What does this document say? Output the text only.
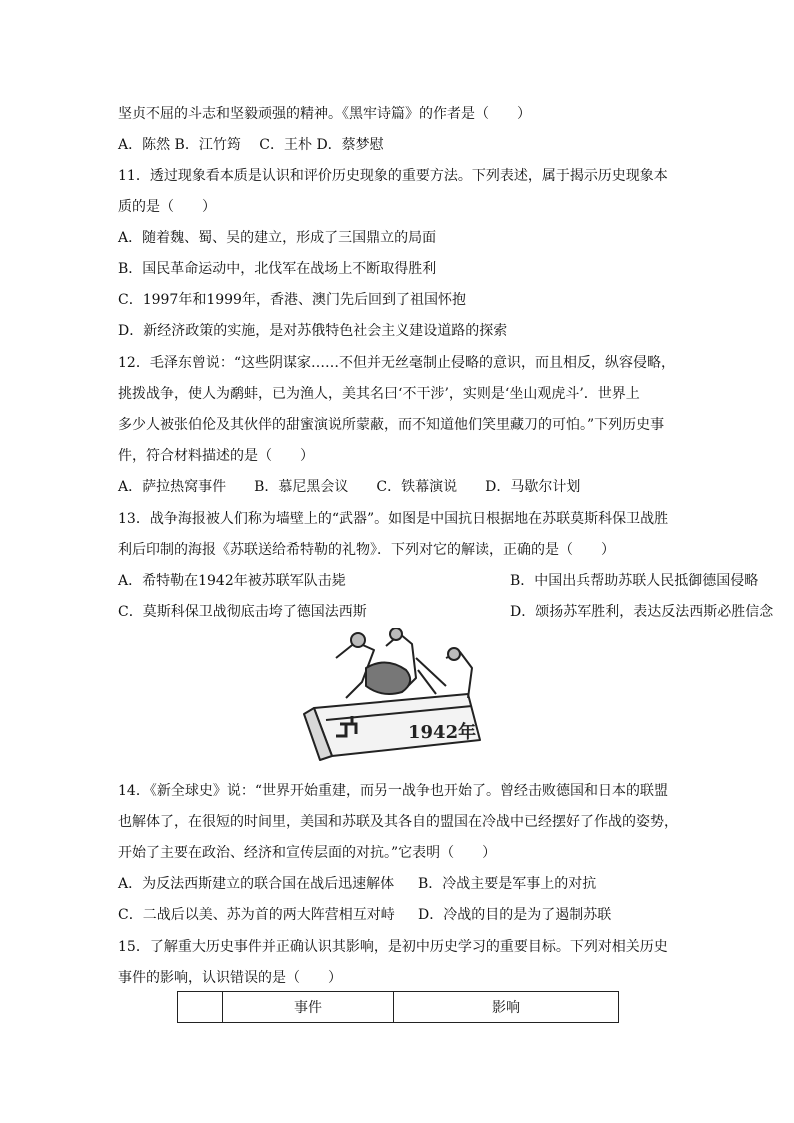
坚贞不屈的斗志和坚毅顽强的精神。《黑牢诗篇》的作者是（　　）
A．陈然 B．江竹筠　 C．王朴 D．蔡梦慰
11．透过现象看本质是认识和评价历史现象的重要方法。下列表述，属于揭示历史现象本
质的是（　　）
A．随着魏、蜀、吴的建立，形成了三国鼎立的局面
B．国民革命运动中，北伐军在战场上不断取得胜利
C．1997年和1999年，香港、澳门先后回到了祖国怀抱
D．新经济政策的实施，是对苏俄特色社会主义建设道路的探索
12．毛泽东曾说：“这些阴谋家……不但并无丝毫制止侵略的意识，而且相反，纵容侵略，
挑拨战争，使人为鹬蚌，已为渔人，美其名曰‘不干涉’，实则是‘坐山观虎斗’．世界上
多少人被张伯伦及其伙伴的甜蜜演说所蒙蔽，而不知道他们笑里藏刀的可怕。”下列历史事
件，符合材料描述的是（　　）
A．萨拉热窝事件　　B．慕尼黑会议　　C．铁幕演说　　D．马歇尔计划
13．战争海报被人们称为墙壁上的“武器”。如图是中国抗日根据地在苏联莫斯科保卫战胜
利后印制的海报《苏联送给希特勒的礼物》．下列对它的解读，正确的是（　　）
A．希特勒在1942年被苏联军队击毙	B．中国出兵帮助苏联人民抵御德国侵略
C．莫斯科保卫战彻底击垮了德国法西斯	D．颂扬苏军胜利，表达反法西斯必胜信念
1942年
14．《新全球史》说：“世界开始重建，而另一战争也开始了。曾经击败德国和日本的联盟
也解体了，在很短的时间里，美国和苏联及其各自的盟国在冷战中已经摆好了作战的姿势，
开始了主要在政治、经济和宣传层面的对抗。”它表明（　　）
A．为反法西斯建立的联合国在战后迅速解体 B．冷战主要是军事上的对抗
C．二战后以美、苏为首的两大阵营相互对峙 D．冷战的目的是为了遏制苏联
15．了解重大历史事件并正确认识其影响，是初中历史学习的重要目标。下列对相关历史
事件的影响，认识错误的是（　　）
	事件	影响
